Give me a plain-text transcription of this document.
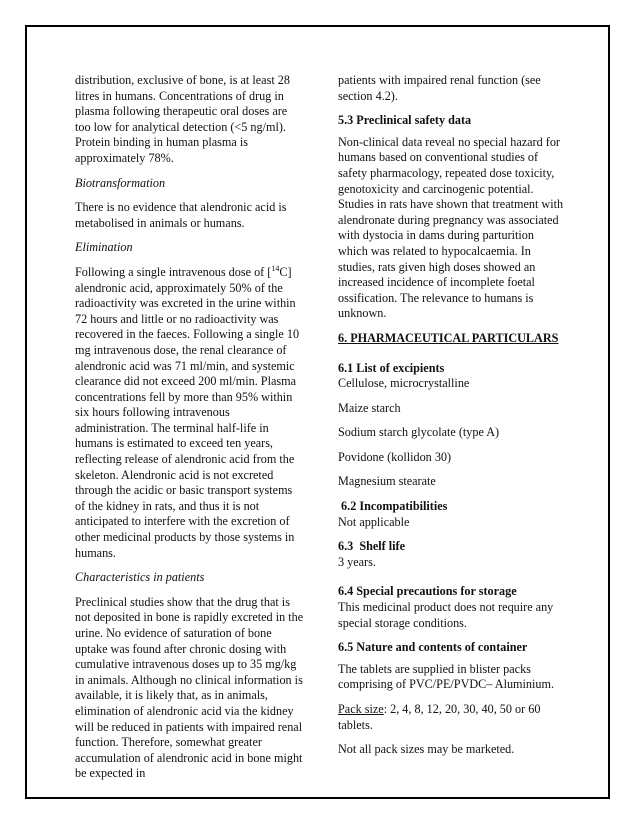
distribution, exclusive of bone, is at least 28 litres in humans. Concentrations of drug in plasma following therapeutic oral doses are too low for analytical detection (<5 ng/ml). Protein binding in human plasma is approximately 78%.

Biotransformation

There is no evidence that alendronic acid is metabolised in animals or humans.

Elimination

Following a single intravenous dose of [$^{14}$C] alendronic acid, approximately 50% of the radioactivity was excreted in the urine within 72 hours and little or no radioactivity was recovered in the faeces. Following a single 10 mg intravenous dose, the renal clearance of alendronic acid was 71 ml/min, and systemic clearance did not exceed 200 ml/min. Plasma concentrations fell by more than 95% within six hours following intravenous administration. The terminal half-life in humans is estimated to exceed ten years, reflecting release of alendronic acid from the skeleton. Alendronic acid is not excreted through the acidic or basic transport systems of the kidney in rats, and thus it is not anticipated to interfere with the excretion of other medicinal products by those systems in humans.

Characteristics in patients

Preclinical studies show that the drug that is not deposited in bone is rapidly excreted in the urine. No evidence of saturation of bone uptake was found after chronic dosing with cumulative intravenous doses up to 35 mg/kg in animals. Although no clinical information is available, it is likely that, as in animals, elimination of alendronic acid via the kidney will be reduced in patients with impaired renal function. Therefore, somewhat greater accumulation of alendronic acid in bone might be expected in

patients with impaired renal function (see section 4.2).

5.3 Preclinical safety data

Non-clinical data reveal no special hazard for humans based on conventional studies of safety pharmacology, repeated dose toxicity, genotoxicity and carcinogenic potential. Studies in rats have shown that treatment with alendronate during pregnancy was associated with dystocia in dams during parturition which was related to hypocalcaemia. In studies, rats given high doses showed an increased incidence of incomplete foetal ossification. The relevance to humans is unknown.

6. PHARMACEUTICAL PARTICULARS

6.1 List of excipients

Cellulose, microcrystalline

Maize starch

Sodium starch glycolate (type A)

Povidone (kollidon 30)

Magnesium stearate

6.2 Incompatibilities

Not applicable

6.3  Shelf life

3 years.

6.4 Special precautions for storage

This medicinal product does not require any special storage conditions.

6.5 Nature and contents of container

The tablets are supplied in blister packs comprising of PVC/PE/PVDC– Aluminium.

Pack size: 2, 4, 8, 12, 20, 30, 40, 50 or 60 tablets.

Not all pack sizes may be marketed.
